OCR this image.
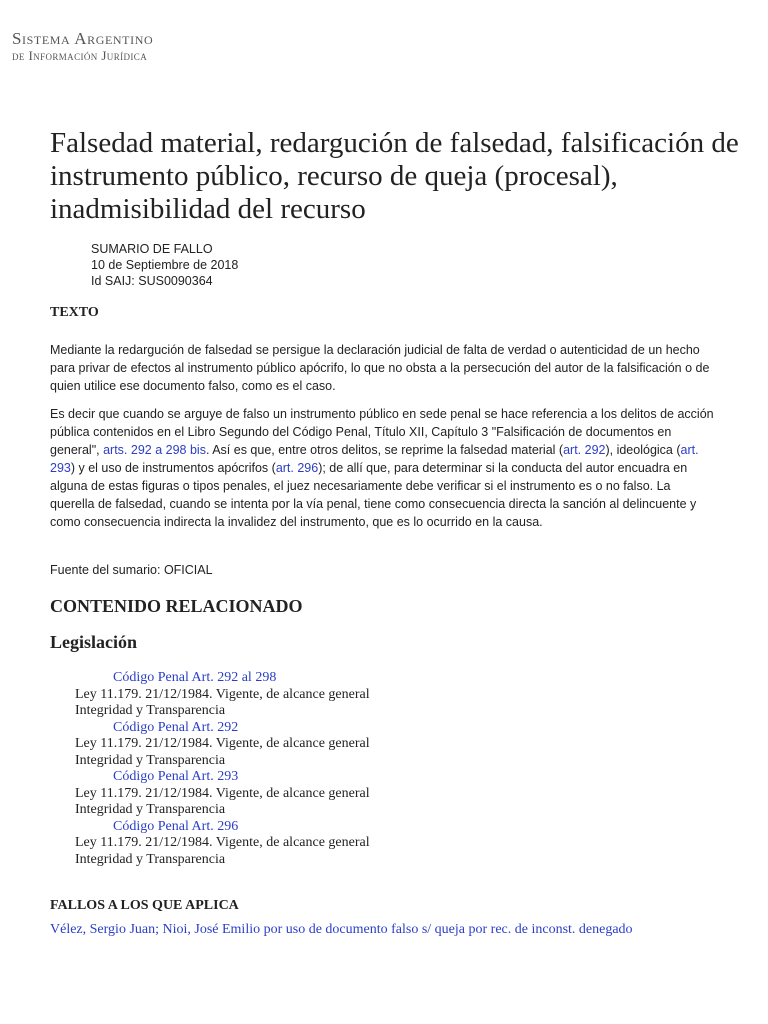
Sistema Argentino
de Información Jurídica
Falsedad material, redargución de falsedad, falsificación de instrumento público, recurso de queja (procesal), inadmisibilidad del recurso
SUMARIO DE FALLO
10 de Septiembre de 2018
Id SAIJ: SUS0090364
TEXTO

Mediante la redargución de falsedad se persigue la declaración judicial de falta de verdad o autenticidad de un hecho para privar de efectos al instrumento público apócrifo, lo que no obsta a la persecución del autor de la falsificación o de quien utilice ese documento falso, como es el caso.

Es decir que cuando se arguye de falso un instrumento público en sede penal se hace referencia a los delitos de acción pública contenidos en el Libro Segundo del Código Penal, Título XII, Capítulo 3 "Falsificación de documentos en general", arts. 292 a 298 bis. Así es que, entre otros delitos, se reprime la falsedad material (art. 292), ideológica (art. 293) y el uso de instrumentos apócrifos (art. 296); de allí que, para determinar si la conducta del autor encuadra en alguna de estas figuras o tipos penales, el juez necesariamente debe verificar si el instrumento es o no falso. La querella de falsedad, cuando se intenta por la vía penal, tiene como consecuencia directa la sanción al delincuente y como consecuencia indirecta la invalidez del instrumento, que es lo ocurrido en la causa.

Fuente del sumario: OFICIAL
CONTENIDO RELACIONADO
Legislación
Código Penal Art. 292 al 298
Ley 11.179. 21/12/1984. Vigente, de alcance general
Integridad y Transparencia
Código Penal Art. 292
Ley 11.179. 21/12/1984. Vigente, de alcance general
Integridad y Transparencia
Código Penal Art. 293
Ley 11.179. 21/12/1984. Vigente, de alcance general
Integridad y Transparencia
Código Penal Art. 296
Ley 11.179. 21/12/1984. Vigente, de alcance general
Integridad y Transparencia
FALLOS A LOS QUE APLICA
Vélez, Sergio Juan; Nioi, José Emilio por uso de documento falso s/ queja por rec. de inconst. denegado
